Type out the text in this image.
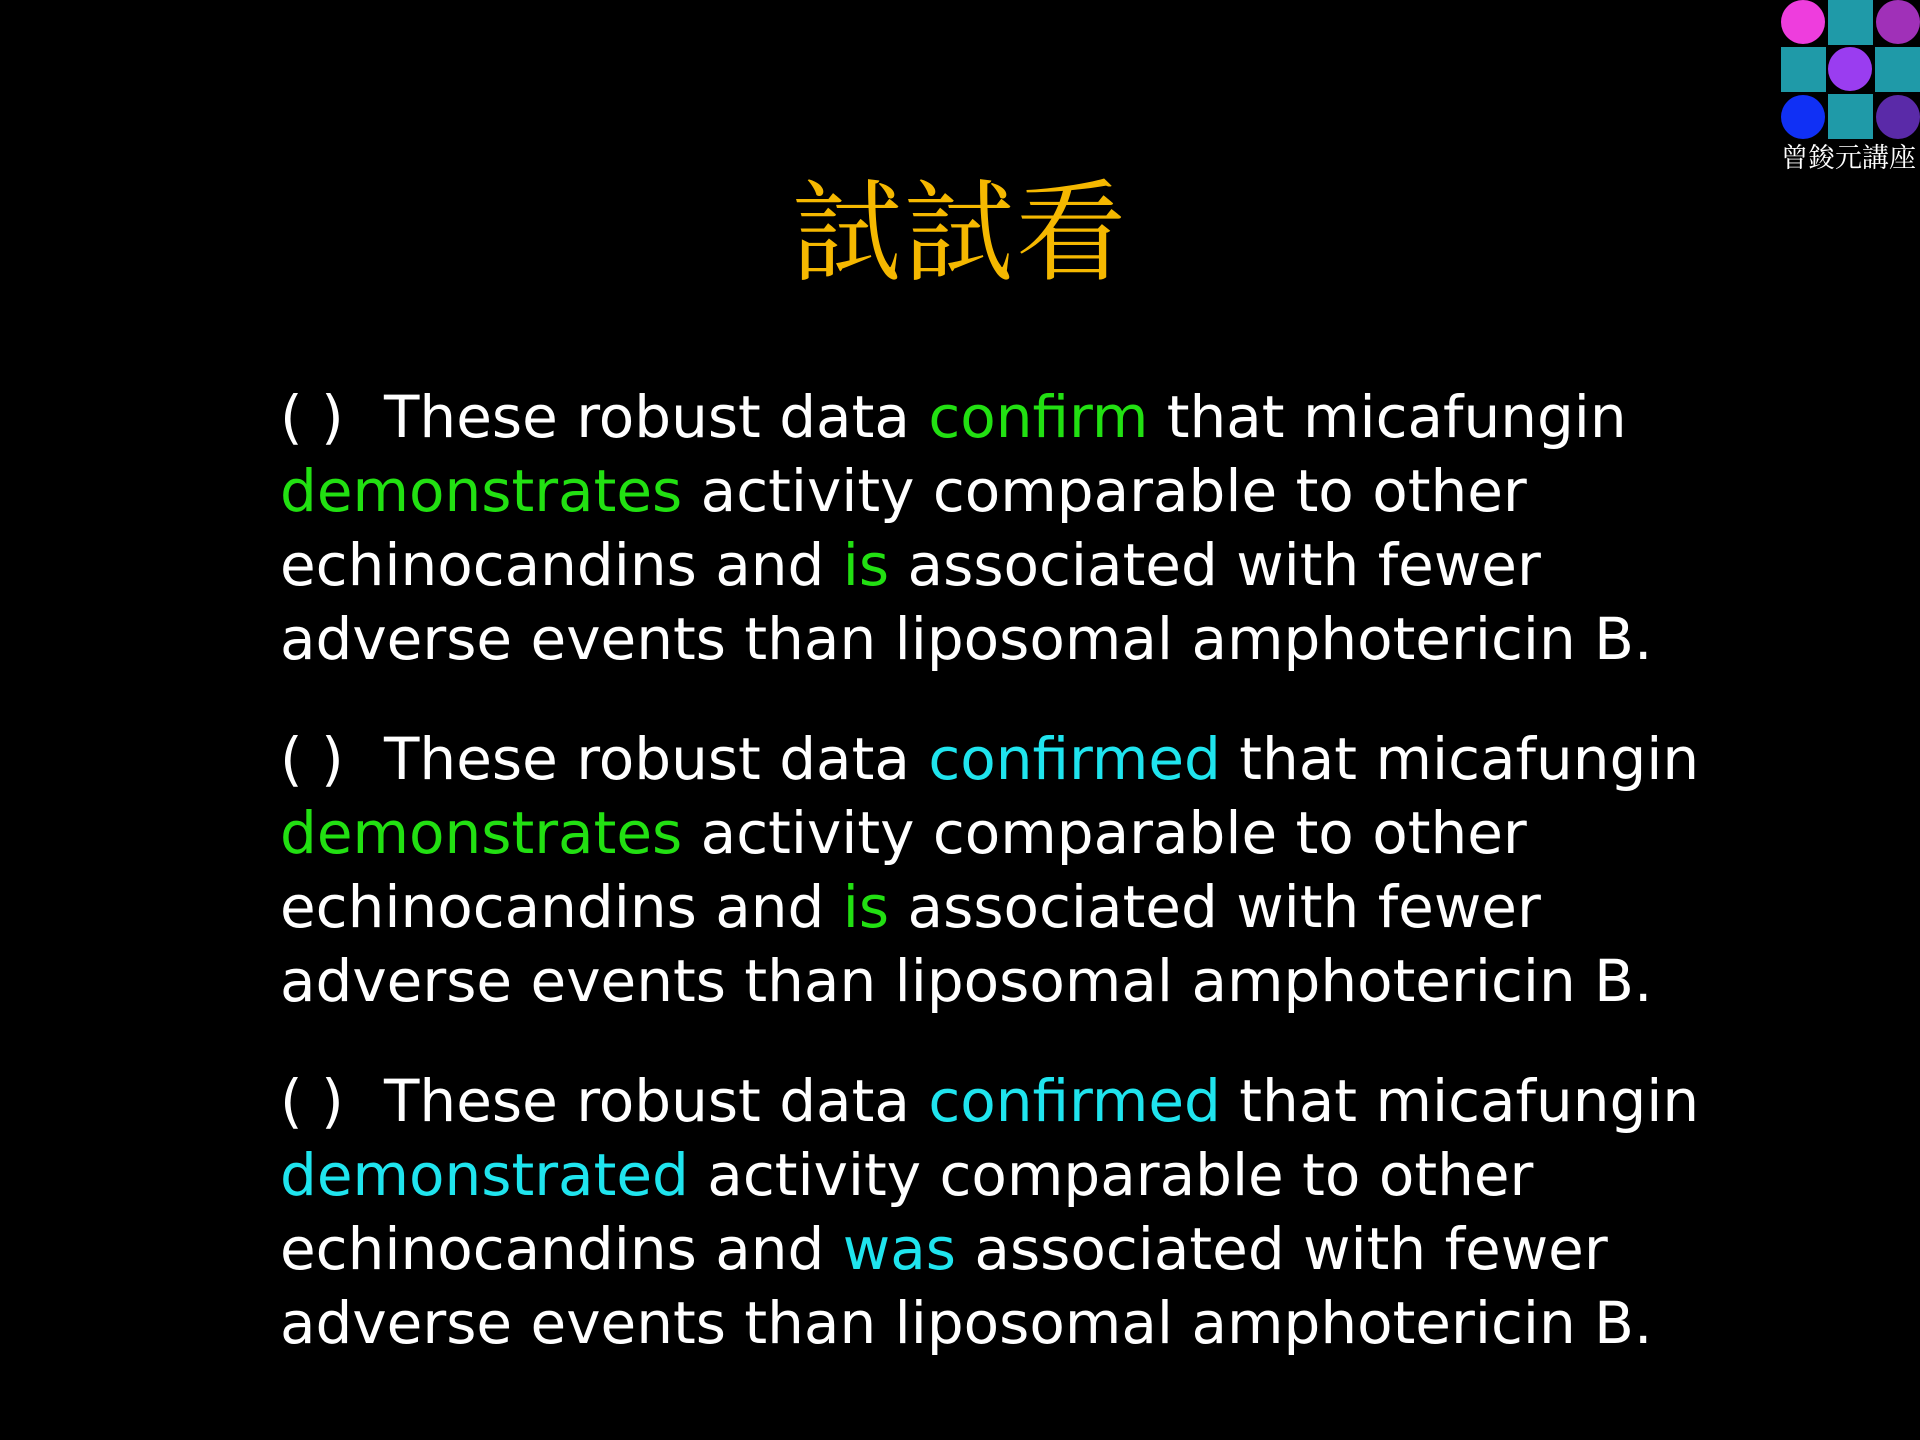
曾鋑元講座
試試看
( ) These robust data confirm that micafungin
demonstrates activity comparable to other
echinocandins and is associated with fewer
adverse events than liposomal amphotericin B.
( ) These robust data confirmed that micafungin
demonstrates activity comparable to other
echinocandins and is associated with fewer
adverse events than liposomal amphotericin B.
( ) These robust data confirmed that micafungin
demonstrated activity comparable to other
echinocandins and was associated with fewer
adverse events than liposomal amphotericin B.
